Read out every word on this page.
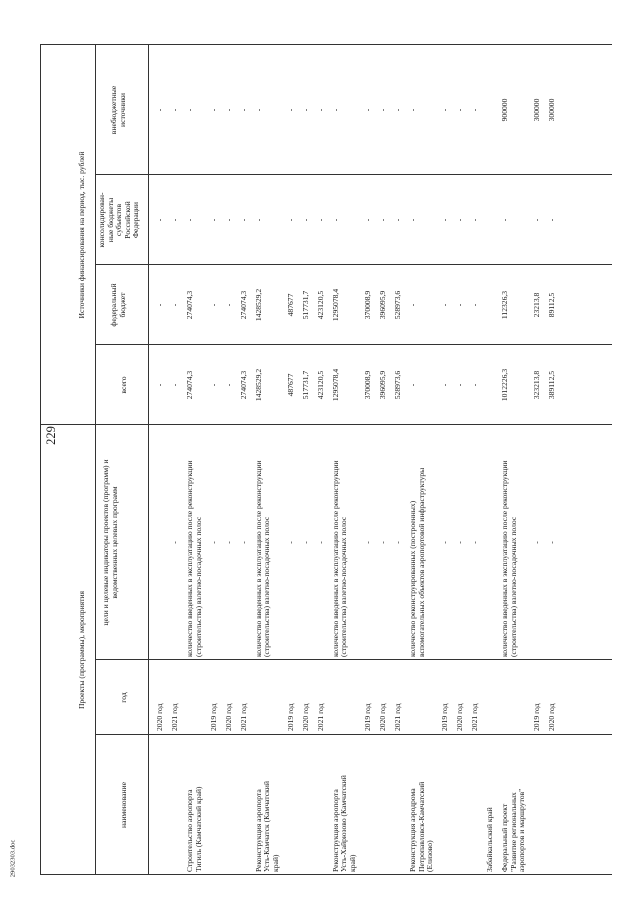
Проекты (программы), мероприятия
Источники финансирования на период, тыс. рублей
наименование
год
цели и целевые индикаторы проектов (программ) и ведомственных целевых программ
всего
федеральный бюджет
консолидирован- ные бюджеты субъектов Российской Федерации
внебюджетные источники
2020 год
-
-
-
-
2021 год
-
-
-
-
-
Строительство аэропорта Тигиль (Камчатский край)
количество введенных в эксплуатацию после реконструкции (строительства) взлетно-посадочных полос
274074,3
274074,3
-
-
2019 год
-
-
-
-
-
2020 год
-
-
-
-
-
2021 год
-
274074,3
274074,3
-
-
Реконструкция аэропорта Усть-Камчатск (Камчатский край)
количество введенных в эксплуатацию после реконструкции (строительства) взлетно-посадочных полос
1428529,2
1428529,2
-
-
2019 год
-
487677
487677
-
-
2020 год
-
517731,7
517731,7
-
-
2021 год
-
423120,5
423120,5
-
-
Реконструкция аэропорта Усть-Хайрюзово (Камчатский край)
количество введенных в эксплуатацию после реконструкции (строительства) взлетно-посадочных полос
1295078,4
1295078,4
-
-
2019 год
-
370008,9
370008,9
-
-
2020 год
-
396095,9
396095,9
-
-
2021 год
-
528973,6
528973,6
-
-
Реконструкция аэродрома Петропавловск-Камчатский (Елизово)
количество реконструированных (построенных) вспомогательных объектов аэропортовой инфраструктуры
-
-
-
-
2019 год
-
-
-
-
-
2020 год
-
-
-
-
-
2021 год
-
-
-
-
-
Забайкальский край Федеральный проект "Развитие региональных аэропортов и маршрутов"
количество введенных в эксплуатацию после реконструкции (строительства) взлетно-посадочных полос
1012226,3
112326,3
-
900000
2019 год
-
323213,8
23213,8
-
300000
2020 год
-
389112,5
89112,5
-
300000
229
29032303.doc
